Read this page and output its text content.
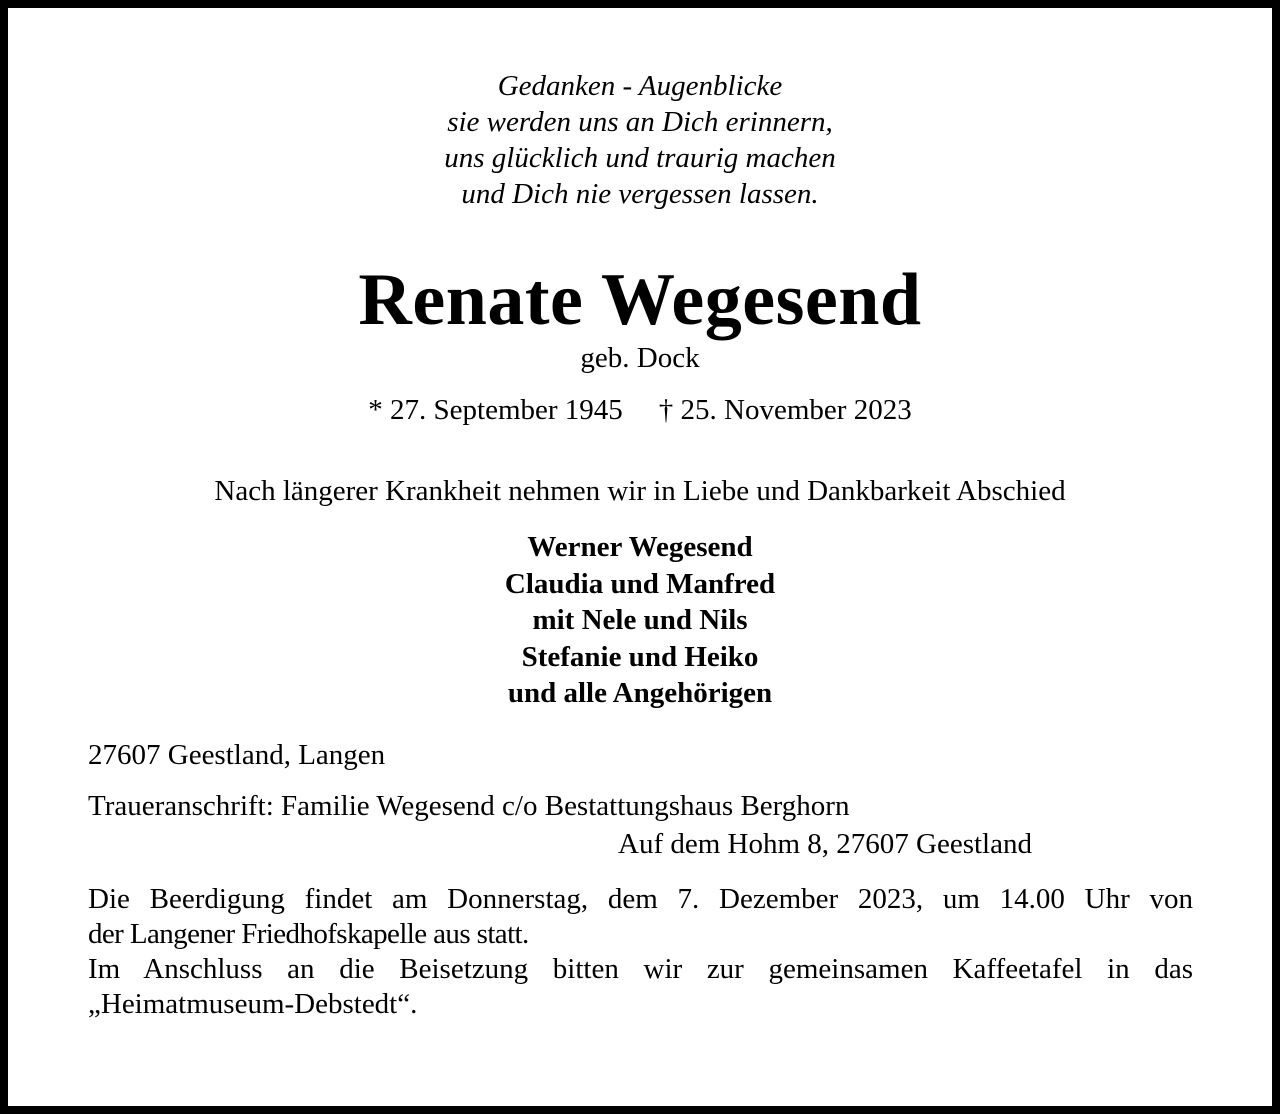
Gedanken - Augenblicke
sie werden uns an Dich erinnern,
uns glücklich und traurig machen
und Dich nie vergessen lassen.
Renate Wegesend
geb. Dock
* 27. September 1945 † 25. November 2023
Nach längerer Krankheit nehmen wir in Liebe und Dankbarkeit Abschied
Werner Wegesend
Claudia und Manfred
mit Nele und Nils
Stefanie und Heiko
und alle Angehörigen
27607 Geestland, Langen
Traueranschrift: Familie Wegesend c/o Bestattungshaus Berghorn
Auf dem Hohm 8, 27607 Geestland
Die Beerdigung findet am Donnerstag, dem 7. Dezember 2023, um 14.00 Uhr von
der Langener Friedhofskapelle aus statt.
Im Anschluss an die Beisetzung bitten wir zur gemeinsamen Kaffeetafel in das
„Heimatmuseum-Debstedt“.
